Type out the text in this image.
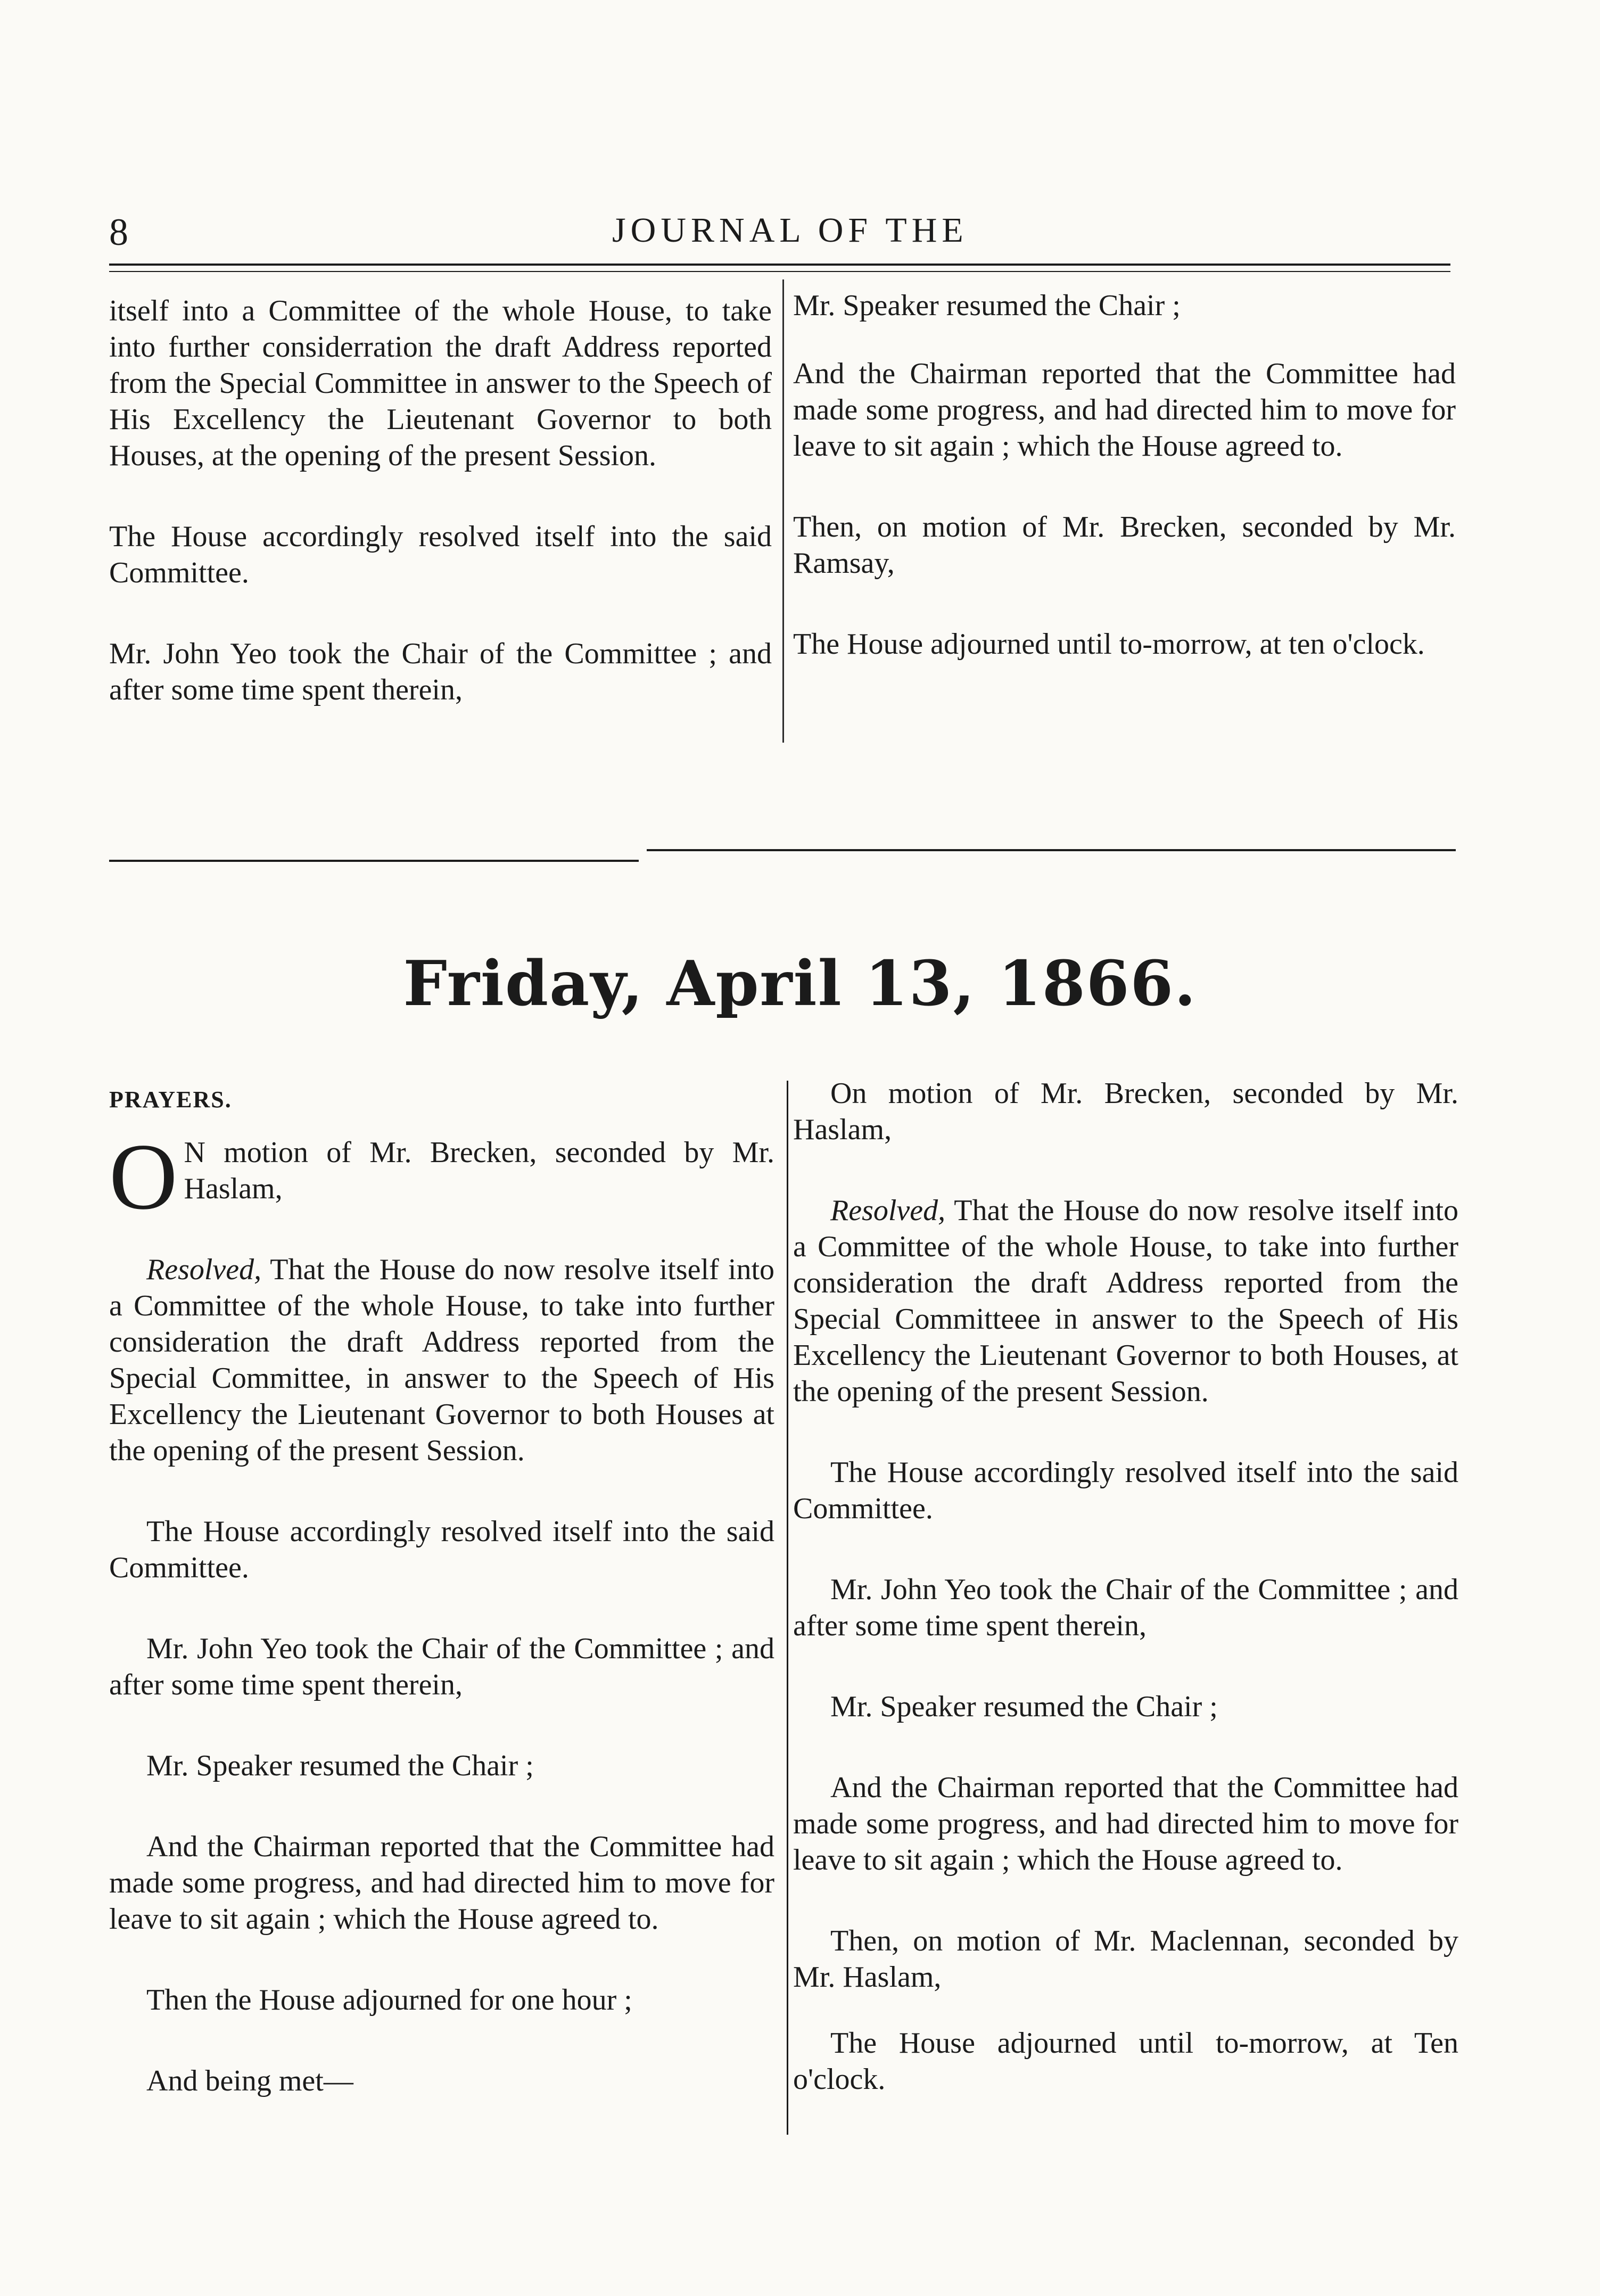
8	JOURNAL OF THE

itself into a Committee of the whole House, to take into further considerration the draft Address reported from the Special Committee in answer to the Speech of His Excellency the Lieutenant Governor to both Houses, at the opening of the present Session.

The House accordingly resolved itself into the said Committee.

Mr. John Yeo took the Chair of the Committee ; and after some time spent therein,

Mr. Speaker resumed the Chair ;

And the Chairman reported that the Committee had made some progress, and had directed him to move for leave to sit again ; which the House agreed to.

Then, on motion of Mr. Brecken, seconded by Mr. Ramsay,

The House adjourned until to-morrow, at ten o'clock.

Friday, April 13, 1866.
PRAYERS.

O N motion of Mr. Brecken, seconded by Mr. Haslam,

Resolved, That the House do now resolve itself into a Committee of the whole House, to take into further consideration the draft Address reported from the Special Committee, in answer to the Speech of His Excellency the Lieutenant Governor to both Houses at the opening of the present Session.

The House accordingly resolved itself into the said Committee.

Mr. John Yeo took the Chair of the Committee ; and after some time spent therein,

Mr. Speaker resumed the Chair ;

And the Chairman reported that the Committee had made some progress, and had directed him to move for leave to sit again ; which the House agreed to.

Then the House adjourned for one hour ;

And being met—

On motion of Mr. Brecken, seconded by Mr. Haslam,

Resolved, That the House do now resolve itself into a Committee of the whole House, to take into further consideration the draft Address reported from the Special Committeee in answer to the Speech of His Excellency the Lieutenant Governor to both Houses, at the opening of the present Session.

The House accordingly resolved itself into the said Committee.

Mr. John Yeo took the Chair of the Committee ; and after some time spent therein,

Mr. Speaker resumed the Chair ;

And the Chairman reported that the Committee had made some progress, and had directed him to move for leave to sit again ; which the House agreed to.

Then, on motion of Mr. Maclennan, seconded by Mr. Haslam,

The House adjourned until to-morrow, at Ten o'clock.
